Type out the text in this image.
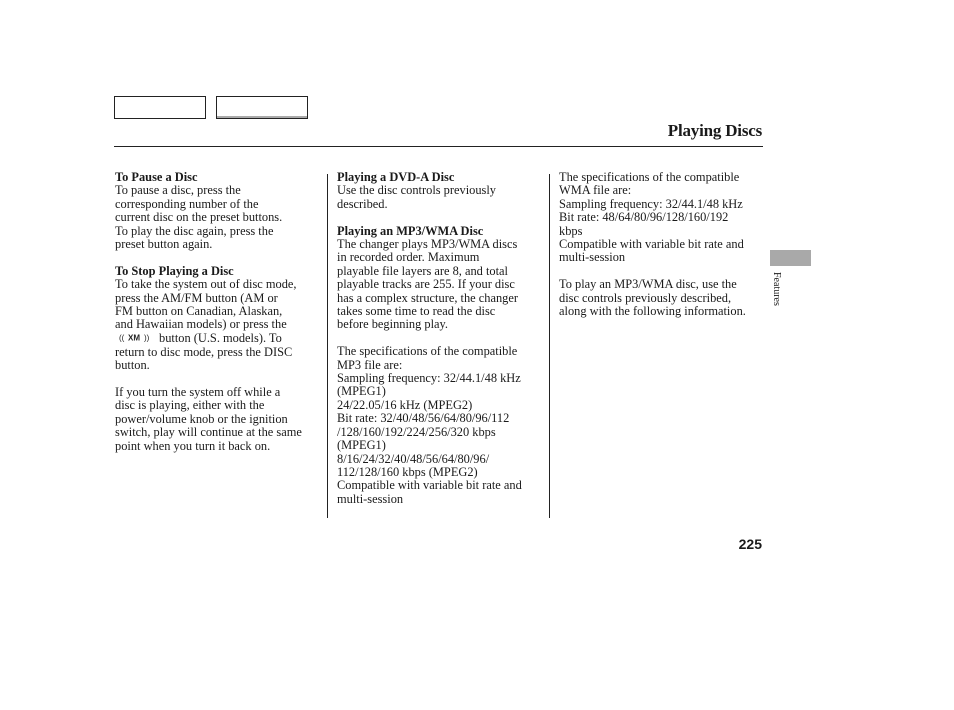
Playing Discs
To Pause a Disc
To pause a disc, press the
corresponding number of the
current disc on the preset buttons.
To play the disc again, press the
preset button again.
To Stop Playing a Disc
To take the system out of disc mode,
press the AM/FM button (AM or
FM button on Canadian, Alaskan,
and Hawaiian models) or press the
(( XM )) button (U.S. models). To
return to disc mode, press the DISC
button.
If you turn the system off while a
disc is playing, either with the
power/volume knob or the ignition
switch, play will continue at the same
point when you turn it back on.
Playing a DVD-A Disc
Use the disc controls previously
described.
Playing an MP3/WMA Disc
The changer plays MP3/WMA discs
in recorded order. Maximum
playable file layers are 8, and total
playable tracks are 255. If your disc
has a complex structure, the changer
takes some time to read the disc
before beginning play.
The specifications of the compatible
MP3 file are:
Sampling frequency: 32/44.1/48 kHz
(MPEG1)
24/22.05/16 kHz (MPEG2)
Bit rate: 32/40/48/56/64/80/96/112
/128/160/192/224/256/320 kbps
(MPEG1)
8/16/24/32/40/48/56/64/80/96/
112/128/160 kbps (MPEG2)
Compatible with variable bit rate and
multi-session
The specifications of the compatible
WMA file are:
Sampling frequency: 32/44.1/48 kHz
Bit rate: 48/64/80/96/128/160/192
kbps
Compatible with variable bit rate and
multi-session
To play an MP3/WMA disc, use the
disc controls previously described,
along with the following information.
Features
225
